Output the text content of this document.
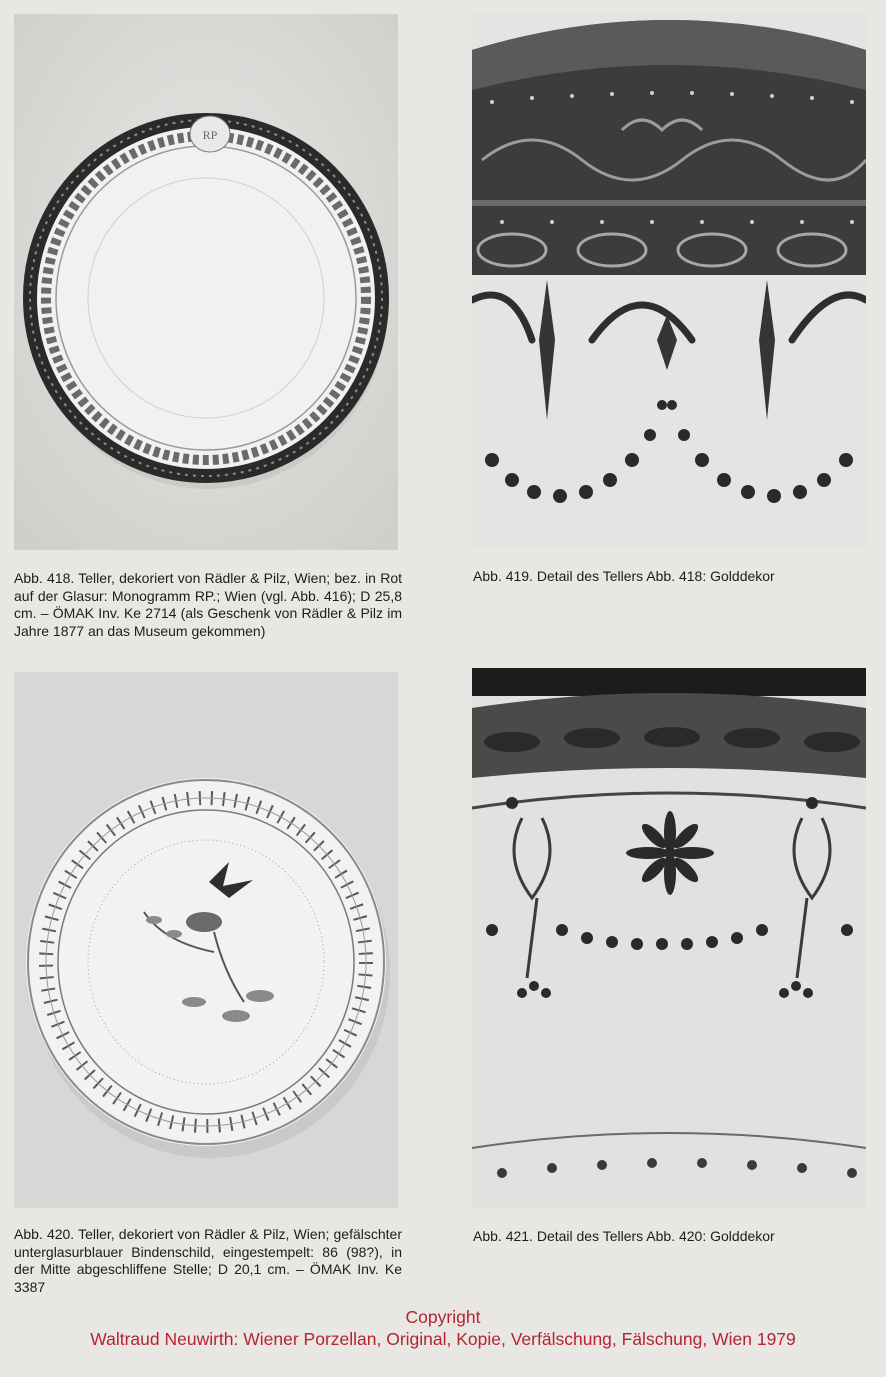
RP
Abb. 418. Teller, dekoriert von Rädler & Pilz, Wien; bez. in Rot auf der Glasur: Monogramm RP.; Wien (vgl. Abb. 416); D 25,8 cm. – ÖMAK Inv. Ke 2714 (als Geschenk von Rädler & Pilz im Jahre 1877 an das Museum gekommen)
Abb. 419. Detail des Tellers Abb. 418: Golddekor
Abb. 420. Teller, dekoriert von Rädler & Pilz, Wien; gefälschter unterglasurblauer Bindenschild, eingestempelt: 86 (98?), in der Mitte abgeschliffene Stelle; D 20,1 cm. – ÖMAK Inv. Ke 3387
Abb. 421. Detail des Tellers Abb. 420: Golddekor
Copyright
Waltraud Neuwirth: Wiener Porzellan, Original, Kopie, Verfälschung, Fälschung, Wien 1979
